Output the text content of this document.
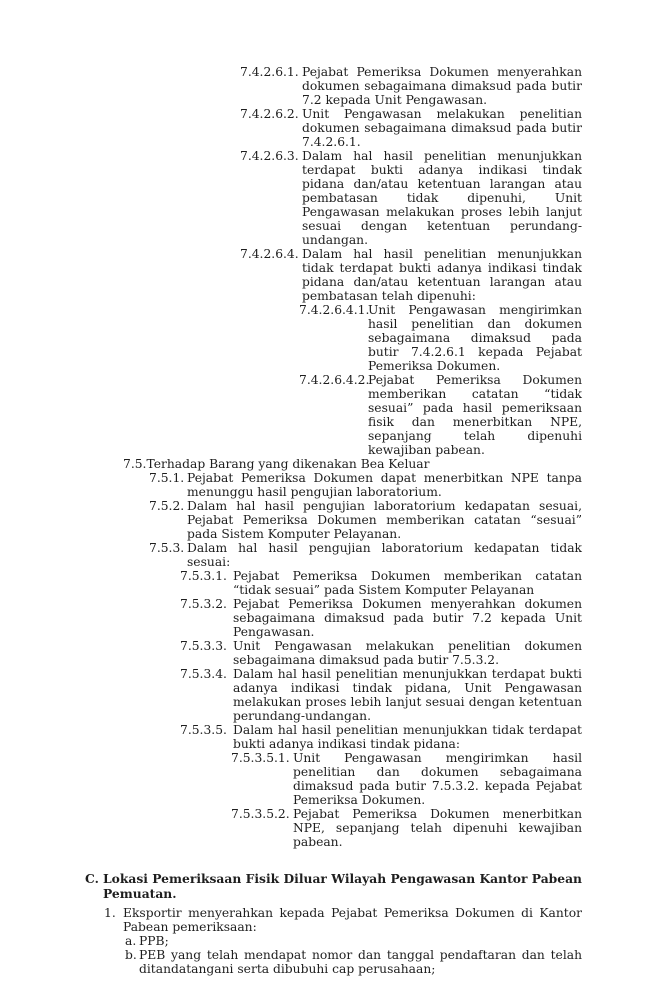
7.4.2.6.1. Pejabat Pemeriksa Dokumen menyerahkan dokumen sebagaimana dimaksud pada butir 7.2 kepada Unit Pengawasan.
7.4.2.6.2. Unit Pengawasan melakukan penelitian dokumen sebagaimana dimaksud pada butir 7.4.2.6.1.
7.4.2.6.3. Dalam hal hasil penelitian menunjukkan terdapat bukti adanya indikasi tindak pidana dan/atau ketentuan larangan atau pembatasan tidak dipenuhi, Unit Pengawasan melakukan proses lebih lanjut sesuai dengan ketentuan perundang-undangan.
7.4.2.6.4. Dalam hal hasil penelitian menunjukkan tidak terdapat bukti adanya indikasi tindak pidana dan/atau ketentuan larangan atau pembatasan telah dipenuhi:
7.4.2.6.4.1.
Unit Pengawasan mengirimkan hasil penelitian dan dokumen sebagaimana dimaksud pada butir 7.4.2.6.1 kepada Pejabat Pemeriksa Dokumen.
7.4.2.6.4.2.
Pejabat Pemeriksa Dokumen memberikan catatan “tidak sesuai” pada hasil pemeriksaan fisik dan menerbitkan NPE, sepanjang telah dipenuhi kewajiban pabean.
7.5.Terhadap Barang yang dikenakan Bea Keluar
7.5.1. Pejabat Pemeriksa Dokumen dapat menerbitkan NPE tanpa menunggu hasil pengujian laboratorium.
7.5.2. Dalam hal hasil pengujian laboratorium kedapatan sesuai, Pejabat Pemeriksa Dokumen memberikan catatan “sesuai” pada Sistem Komputer Pelayanan.
7.5.3. Dalam hal hasil pengujian laboratorium kedapatan tidak sesuai:
7.5.3.1. Pejabat Pemeriksa Dokumen memberikan catatan “tidak sesuai” pada Sistem Komputer Pelayanan
7.5.3.2. Pejabat Pemeriksa Dokumen menyerahkan dokumen sebagaimana dimaksud pada butir 7.2 kepada Unit Pengawasan.
7.5.3.3. Unit Pengawasan melakukan penelitian dokumen sebagaimana dimaksud pada butir 7.5.3.2.
7.5.3.4. Dalam hal hasil penelitian menunjukkan terdapat bukti adanya indikasi tindak pidana, Unit Pengawasan melakukan proses lebih lanjut sesuai dengan ketentuan perundang-undangan.
7.5.3.5. Dalam hal hasil penelitian menunjukkan tidak terdapat bukti adanya indikasi tindak pidana:
7.5.3.5.1. Unit Pengawasan mengirimkan hasil penelitian dan dokumen sebagaimana dimaksud pada butir 7.5.3.2. kepada Pejabat Pemeriksa Dokumen.
7.5.3.5.2. Pejabat Pemeriksa Dokumen menerbitkan NPE, sepanjang telah dipenuhi kewajiban pabean.
C. Lokasi Pemeriksaan Fisik Diluar Wilayah Pengawasan Kantor Pabean Pemuatan.
1. Eksportir menyerahkan kepada Pejabat Pemeriksa Dokumen di Kantor Pabean pemeriksaan:
a. PPB;
b. PEB yang telah mendapat nomor dan tanggal pendaftaran dan telah ditandatangani serta dibubuhi cap perusahaan;
